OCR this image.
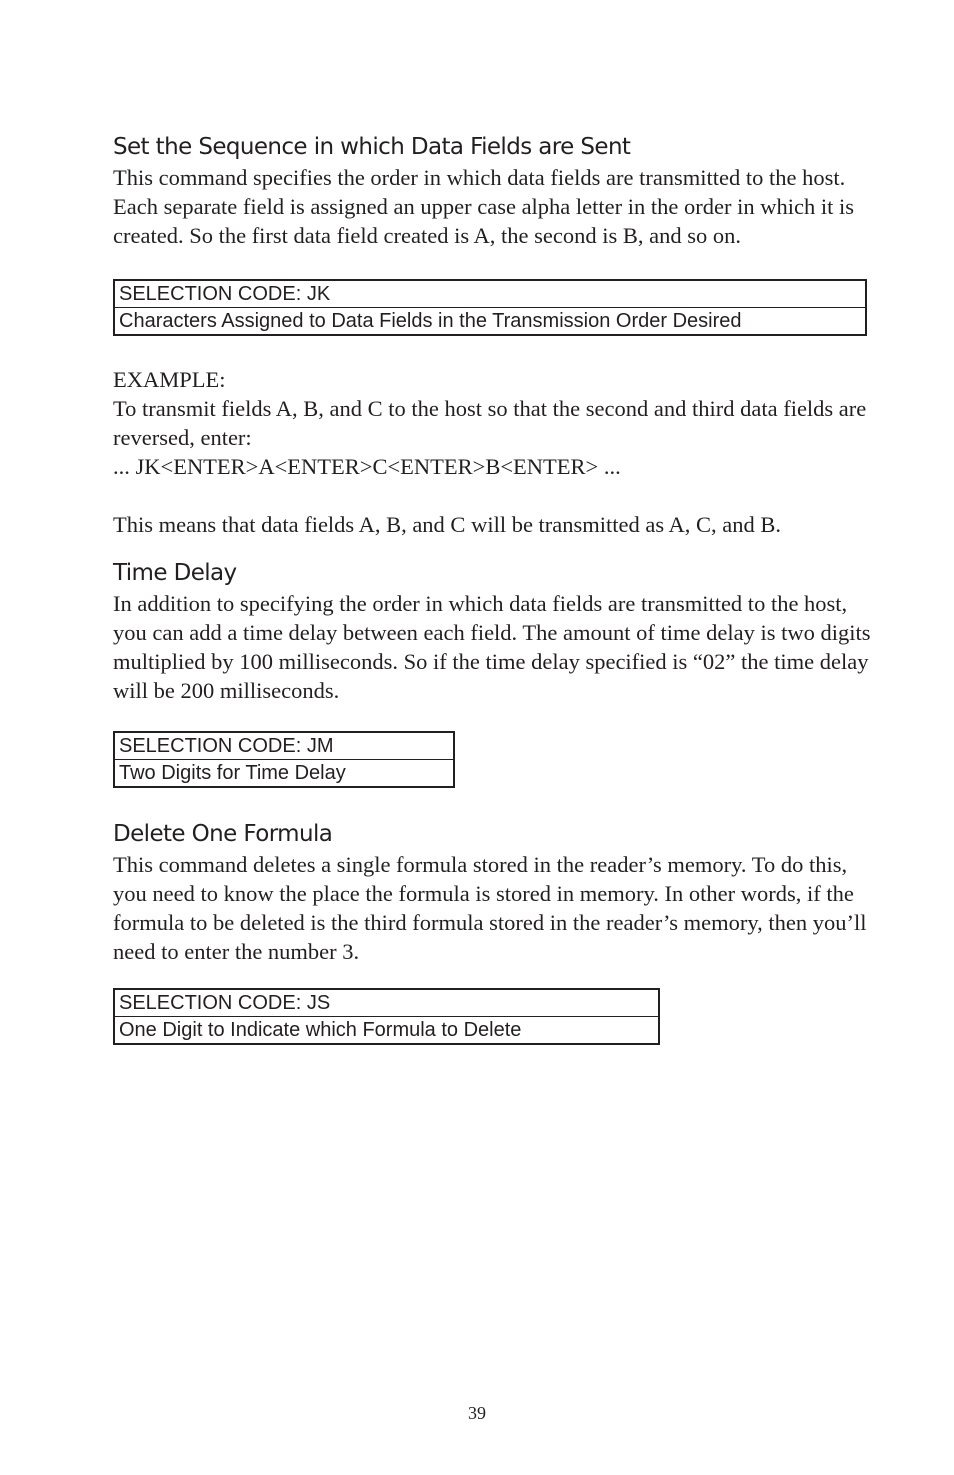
Set the Sequence in which Data Fields are Sent

This command specifies the order in which data fields are transmitted to the host. Each separate field is assigned an upper case alpha letter in the order in which it is created. So the first data field created is A, the second is B, and so on.

SELECTION CODE: JK
Characters Assigned to Data Fields in the Transmission Order Desired

EXAMPLE:

To transmit fields A, B, and C to the host so that the second and third data fields are reversed, enter:

... JK<ENTER>A<ENTER>C<ENTER>B<ENTER> ...

This means that data fields A, B, and C will be transmitted as A, C, and B.

Time Delay

In addition to specifying the order in which data fields are transmitted to the host, you can add a time delay between each field. The amount of time delay is two digits multiplied by 100 milliseconds. So if the time delay specified is “02” the time delay will be 200 milliseconds.

SELECTION CODE: JM
Two Digits for Time Delay
Delete One Formula

This command deletes a single formula stored in the reader’s memory. To do this, you need to know the place the formula is stored in memory. In other words, if the formula to be deleted is the third formula stored in the reader’s memory, then you’ll need to enter the number 3.

SELECTION CODE: JS
One Digit to Indicate which Formula to Delete
39
